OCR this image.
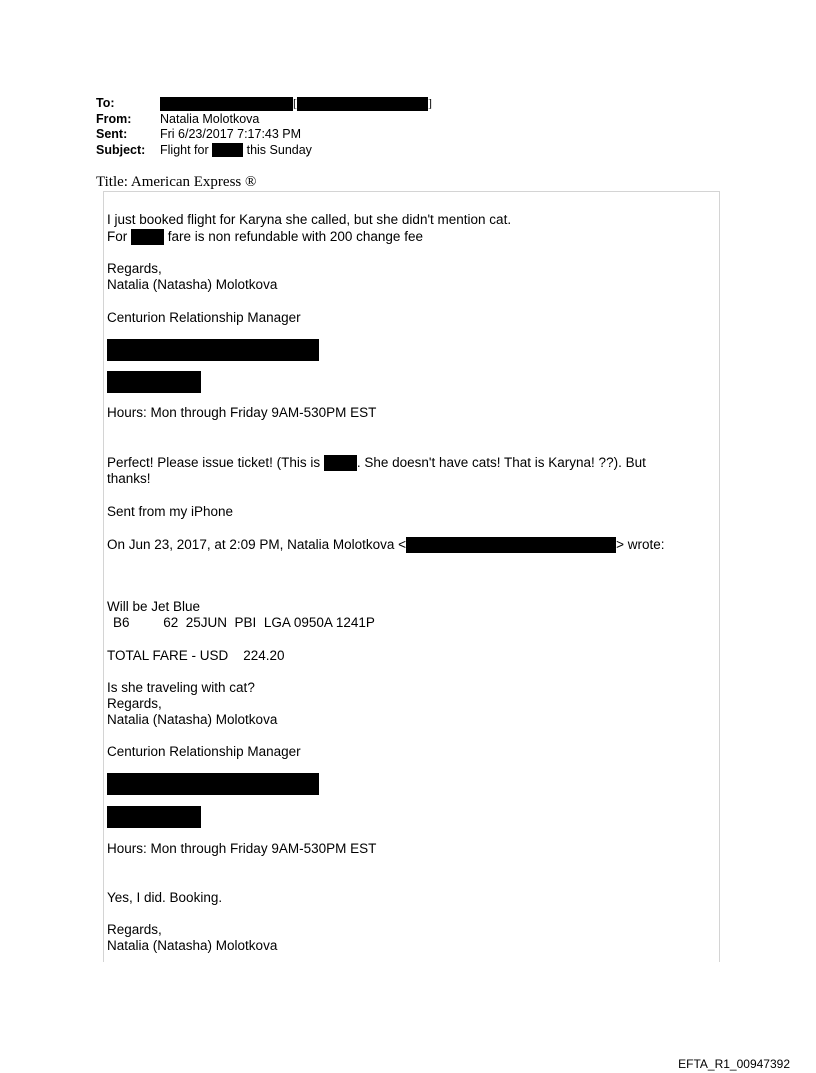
To:	[	]
From: Natalia Molotkova
Sent:	Fri 6/23/2017 7:17:43 PM
Subject: Flight for	this Sunday
Title: American Express ®
I just booked flight for Karyna she called, but she didn't mention cat.
For	fare is non refundable with 200 change fee
Regards,
Natalia (Natasha) Molotkova
Centurion Relationship Manager
Hours: Mon through Friday 9AM-530PM EST
Perfect! Please issue ticket! (This is	. She doesn't have cats! That is Karyna! ??). But
thanks!
Sent from my iPhone
On Jun 23, 2017, at 2:09 PM, Natalia Molotkova <	> wrote:
Will be Jet Blue
B6         62  25JUN  PBI  LGA 0950A 1241P
TOTAL FARE - USD    224.20
Is she traveling with cat?
Regards,
Natalia (Natasha) Molotkova
Centurion Relationship Manager
Hours: Mon through Friday 9AM-530PM EST
Yes, I did. Booking.
Regards,
Natalia (Natasha) Molotkova
EFTA_R1_00947392
